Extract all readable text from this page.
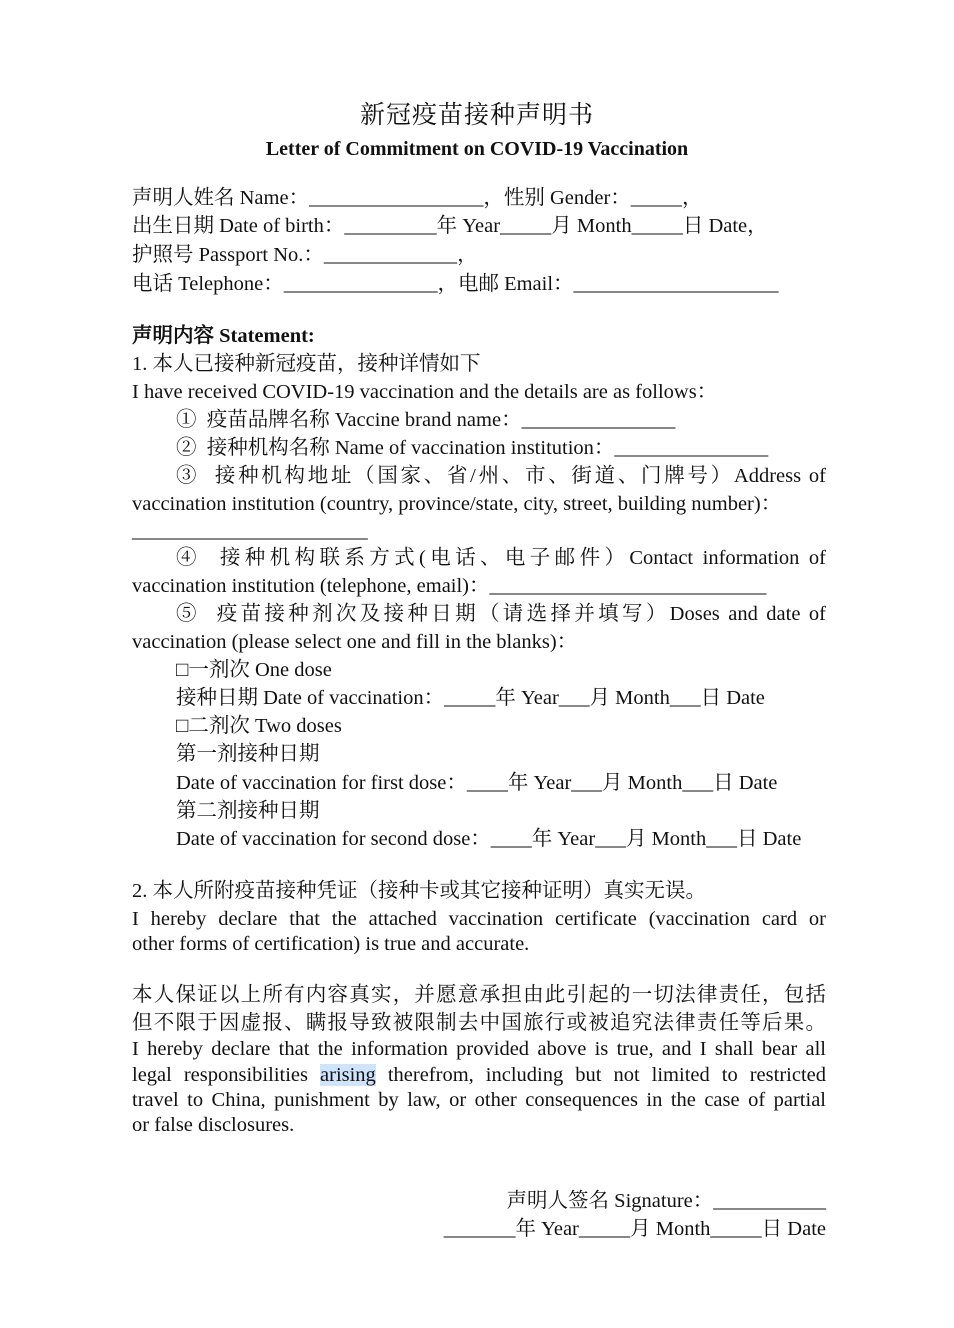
新冠疫苗接种声明书
Letter of Commitment on COVID-19 Vaccination
声明人姓名 Name：_________________，性别 Gender：_____，
出生日期 Date of birth：_________年 Year_____月 Month_____日 Date，
护照号 Passport No.：_____________，
电话 Telephone：_______________，电邮 Email：____________________
声明内容 Statement:
1. 本人已接种新冠疫苗，接种详情如下
I have received COVID-19 vaccination and the details are as follows：
①  疫苗品牌名称 Vaccine brand name：_______________
②  接种机构名称 Name of vaccination institution：_______________
③  接种机构地址（国家、省/州、市、街道、门牌号）Address of
vaccination institution (country, province/state, city, street, building number)：
_______________________
④  接种机构联系方式(电话、电子邮件）Contact information of
vaccination institution (telephone, email)：___________________________
⑤  疫苗接种剂次及接种日期（请选择并填写）Doses and date of
vaccination (please select one and fill in the blanks)：
□一剂次 One dose
接种日期 Date of vaccination：_____年 Year___月 Month___日 Date
□二剂次 Two doses
第一剂接种日期
Date of vaccination for first dose：____年 Year___月 Month___日 Date
第二剂接种日期
Date of vaccination for second dose：____年 Year___月 Month___日 Date
2. 本人所附疫苗接种凭证（接种卡或其它接种证明）真实无误。
I hereby declare that the attached vaccination certificate (vaccination card or
other forms of certification) is true and accurate.
本人保证以上所有内容真实，并愿意承担由此引起的一切法律责任，包括
但不限于因虚报、瞒报导致被限制去中国旅行或被追究法律责任等后果。
I hereby declare that the information provided above is true, and I shall bear all
legal responsibilities arising therefrom, including but not limited to restricted
travel to China, punishment by law, or other consequences in the case of partial
or false disclosures.
声明人签名 Signature：___________
_______年 Year_____月 Month_____日 Date
